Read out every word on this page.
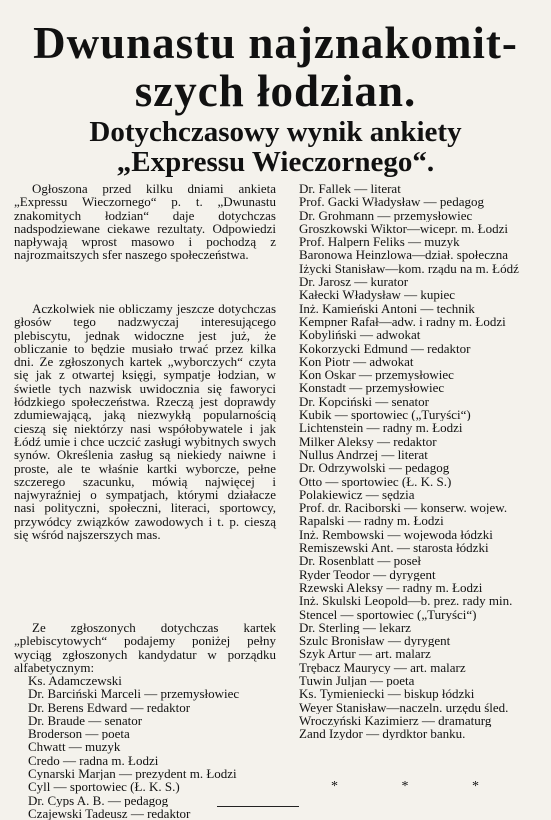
Dwunastu najznakomit-
szych łodzian.
Dotychczasowy wynik ankiety
„Expressu Wieczornego“.

Ogłoszona przed kilku dniami ankieta „Expressu Wieczornego“ p. t. „Dwunastu znakomitych łodzian“ daje dotychczas nadspodziewane ciekawe rezultaty. Odpowiedzi napływają wprost masowo i pochodzą z najrozmaitszych sfer naszego społeczeństwa.

Aczkolwiek nie obliczamy jeszcze dotychczas głosów tego nadzwyczaj interesującego plebiscytu, jednak widoczne jest już, że obliczanie to będzie musiało trwać przez kilka dni. Ze zgłoszonych kartek „wyborczych“ czyta się jak z otwartej księgi, sympatje łodzian, w świetle tych nazwisk uwidocznia się faworyci łódzkiego społeczeństwa. Rzeczą jest doprawdy zdumiewającą, jaką niezwykłą popularnością cieszą się niektórzy nasi współobywatele i jak Łódź umie i chce uczcić zasługi wybitnych swych synów. Określenia zasług są niekiedy naiwne i proste, ale te właśnie kartki wyborcze, pełne szczerego szacunku, mówią najwięcej i najwyraźniej o sympatjach, którymi działacze nasi polityczni, społeczni, literaci, sportowcy, przywódcy związków zawodowych i t. p. cieszą się wśród najszerszych mas.

Ze zgłoszonych dotychczas kartek „plebiscytowych“ podajemy poniżej pełny wyciąg zgłoszonych kandydatur w porządku alfabetycznym:

Ks. Adamczewski
Dr. Barciński Marceli — przemysłowiec
Dr. Berens Edward — redaktor
Dr. Braude — senator
Broderson — poeta
Chwatt — muzyk
Credo — radna m. Łodzi
Cynarski Marjan — prezydent m. Łodzi
Cyll — sportowiec (Ł. K. S.)
Dr. Cyps A. B. — pedagog
Czajewski Tadeusz — redaktor
Dr. Fallek — literat
Prof. Gacki Władysław — pedagog
Dr. Grohmann — przemysłowiec
Groszkowski Wiktor—wicepr. m. Łodzi
Prof. Halpern Feliks — muzyk
Baronowa Heinzlowa—dział. społeczna
Iżycki Stanisław—kom. rządu na m. Łódź
Dr. Jarosz — kurator
Kałecki Władysław — kupiec
Inż. Kamieński Antoni — technik
Kempner Rafał—adw. i radny m. Łodzi
Kobyliński — adwokat
Kokorzycki Edmund — redaktor
Kon Piotr — adwokat
Kon Oskar — przemysłowiec
Konstadt — przemysłowiec
Dr. Kopciński — senator
Kubik — sportowiec („Turyści“)
Lichtenstein — radny m. Łodzi
Milker Aleksy — redaktor
Nullus Andrzej — literat
Dr. Odrzywolski — pedagog
Otto — sportowiec (Ł. K. S.)
Polakiewicz — sędzia
Prof. dr. Raciborski — konserw. wojew.
Rapalski — radny m. Łodzi
Inż. Rembowski — wojewoda łódzki
Remiszewski Ant. — starosta łódzki
Dr. Rosenblatt — poseł
Ryder Teodor — dyrygent
Rzewski Aleksy — radny m. Łodzi
Inż. Skulski Leopold—b. prez. rady min.
Stencel — sportowiec („Turyści“)
Dr. Sterling — lekarz
Szulc Bronisław — dyrygent
Szyk Artur — art. malarz
Trębacz Maurycy — art. malarz
Tuwin Juljan — poeta
Ks. Tymieniecki — biskup łódzki
Weyer Stanisław—naczeln. urzędu śled.
Wroczyński Kazimierz — dramaturg
Zand Izydor — dyrdktor banku.
* * *
